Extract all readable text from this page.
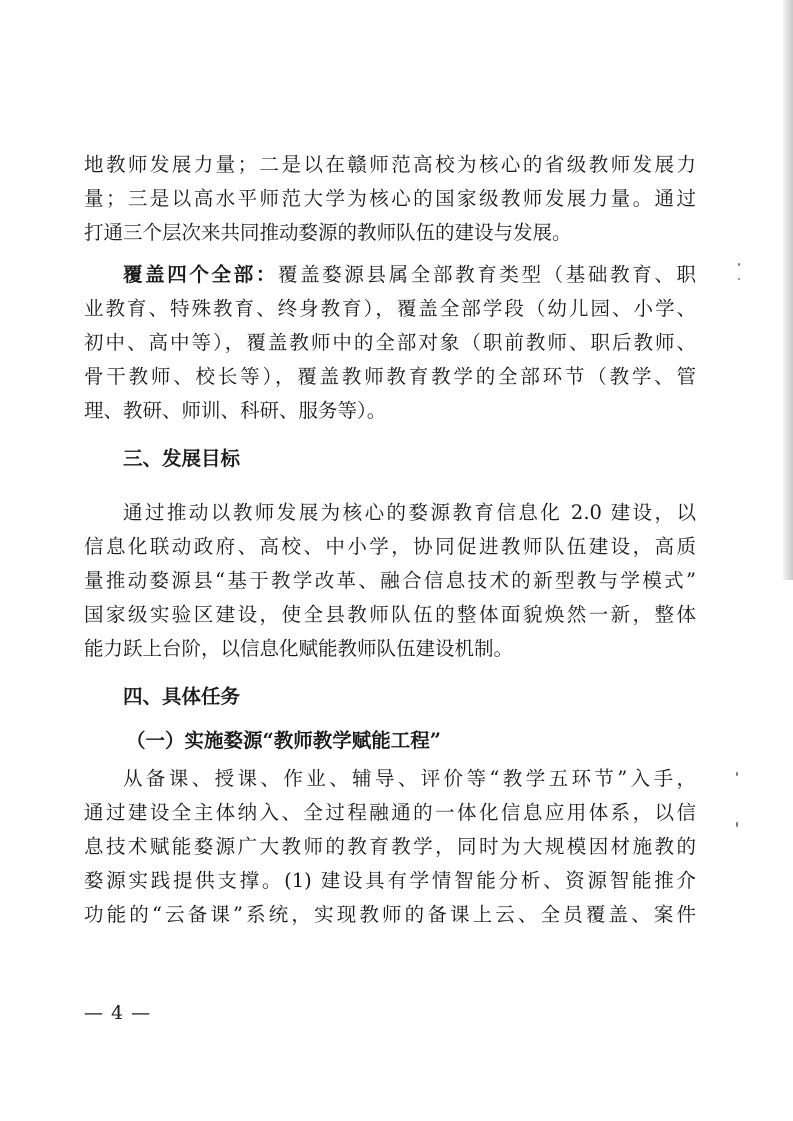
地教师发展力量；二是以在赣师范高校为核心的省级教师发展力

量；三是以高水平师范大学为核心的国家级教师发展力量。通过

打通三个层次来共同推动婺源的教师队伍的建设与发展。

覆盖四个全部：覆盖婺源县属全部教育类型（基础教育、职

业教育、特殊教育、终身教育），覆盖全部学段（幼儿园、小学、

初中、高中等），覆盖教师中的全部对象（职前教师、职后教师、

骨干教师、校长等），覆盖教师教育教学的全部环节（教学、管

理、教研、师训、科研、服务等）。

三、发展目标

通过推动以教师发展为核心的婺源教育信息化 2.0 建设，以

信息化联动政府、高校、中小学，协同促进教师队伍建设，高质

量推动婺源县“基于教学改革、融合信息技术的新型教与学模式”

国家级实验区建设，使全县教师队伍的整体面貌焕然一新，整体

能力跃上台阶，以信息化赋能教师队伍建设机制。

四、具体任务

（一）实施婺源“教师教学赋能工程”

从备课、授课、作业、辅导、评价等“教学五环节”入手，

通过建设全主体纳入、全过程融通的一体化信息应用体系，以信

息技术赋能婺源广大教师的教育教学，同时为大规模因材施教的

婺源实践提供支撑。(1) 建设具有学情智能分析、资源智能推介

功能的“云备课”系统，实现教师的备课上云、全员覆盖、案件

— 4 —
